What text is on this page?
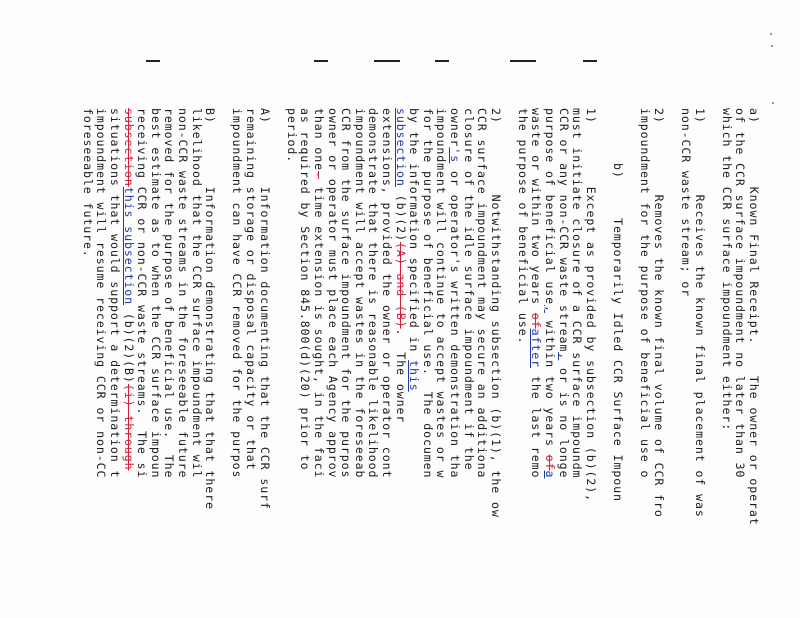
a)        Known Final Receipt.    The owner or operat
of the CCR surface impoundment no later than 30
which the CCR surface impoundment either:
1)         Receives the known final placement of was
non-CCR waste stream; or
2)         Removes the known final volume of CCR fro
impoundment for the purpose of beneficial use o
b)     Temporarily Idled CCR Surface Impoun
1)        Except as provided by subsection (b)(2),
must initiate closure of a CCR surface impoundm
CCR or any non-CCR waste stream, or is no longe
purpose of beneficial use, within two years ofa
waste or within two years ofafter the last remo
the purpose of beneficial use.
2)         Notwithstanding subsection (b)(1), the ow
CCR surface impoundment may secure an additiona
closure of the idle surface impoundment if the
owner's or operator's written demonstration tha
impoundment will continue to accept wastes or w
for the purpose of beneficial use.  The documen
by the information specified in this
subsection (b)(2)(A) and (B).  The owner
extensions, provided the owner or operator cont
demonstrate that there is reasonable likelihood
impoundment will accept wastes in the foreseeab
CCR from the surface impoundment for the purpos
owner or operator must place each Agency approv
than one- time extension is sought, in the faci
as required by Section 845.800(d)(20) prior to
period.
A)        Information documenting that the CCR surf
remaining storage or disposal capacity or that
impoundment can have CCR removed for the purpos
B)        Information demonstrating that that there
likelihood that the CCR surface impoundment wil
non-CCR waste streams in the foreseeable future
removed for the purpose of beneficial use.  The
best estimate as to when the CCR surface impoun
receiving CCR or non-CCR waste streams.  The si
subsectionthis subsection (b)(2)(B)(i) through
situations that would support a determination t
impoundment will resume receiving CCR or non-CC
foreseeable future.
